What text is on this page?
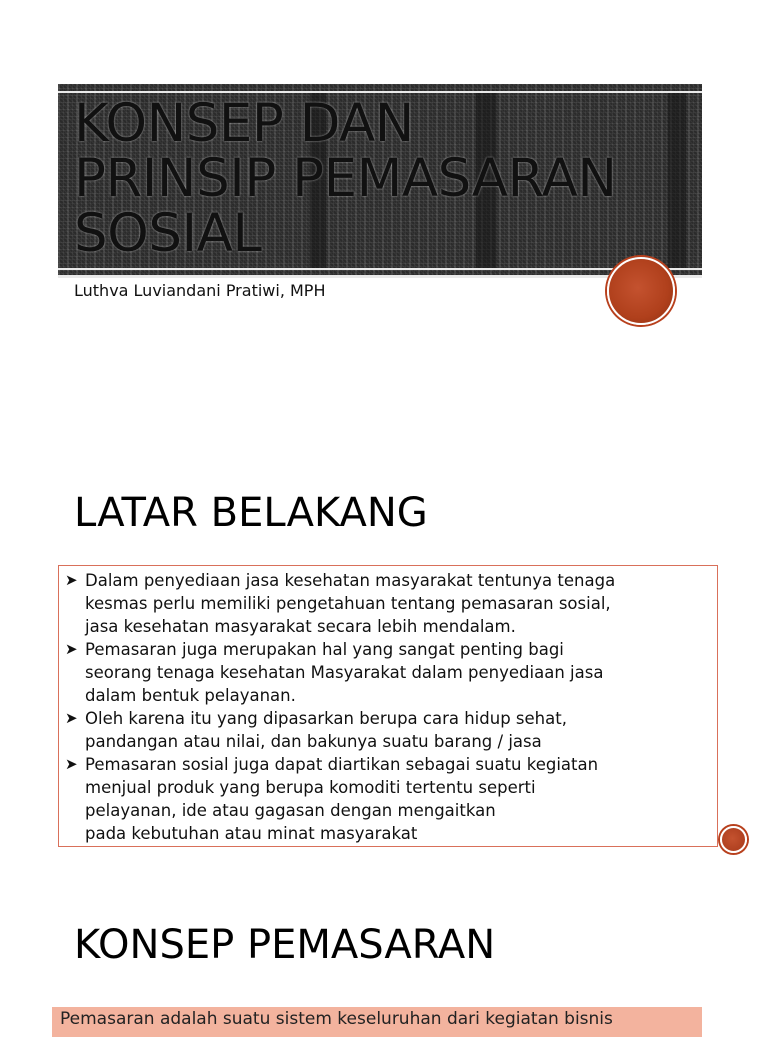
KONSEP DAN
PRINSIP PEMASARAN
SOSIAL
Luthva Luviandani Pratiwi, MPH
LATAR BELAKANG
➤ Dalam penyediaan jasa kesehatan masyarakat tentunya tenaga
kesmas perlu memiliki pengetahuan tentang pemasaran sosial,
jasa kesehatan masyarakat secara lebih mendalam.
➤ Pemasaran juga merupakan hal yang sangat penting bagi
seorang tenaga kesehatan Masyarakat dalam penyediaan jasa
dalam bentuk pelayanan.
➤ Oleh karena itu yang dipasarkan berupa cara hidup sehat,
pandangan atau nilai, dan bakunya suatu barang / jasa
➤ Pemasaran sosial juga dapat diartikan sebagai suatu kegiatan
menjual produk yang berupa komoditi tertentu seperti
pelayanan, ide atau gagasan dengan mengaitkan
pada kebutuhan atau minat masyarakat
KONSEP PEMASARAN
Pemasaran adalah suatu sistem keseluruhan dari kegiatan bisnis
